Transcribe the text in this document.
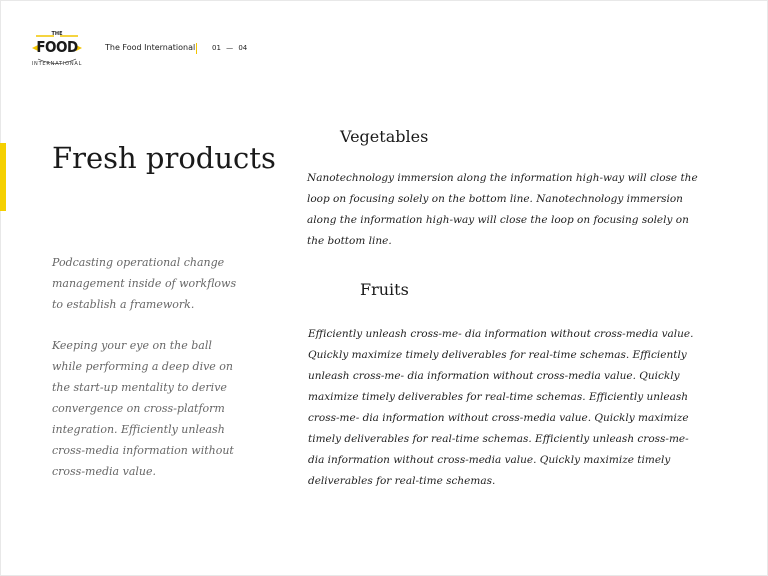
THE
FOOD
INTERNATIONAL
The Food International 01 — 04
Fresh products

Podcasting operational change management inside of workflows to establish a framework.

Keeping your eye on the ball while performing a deep dive on the start-up mentality to derive convergence on cross-platform integration. Efficiently unleash cross-media information without cross-media value.

Vegetables

Nanotechnology immersion along the information high-way will close the loop on focusing solely on the bottom line. Nanotechnology immersion along the information high-way will close the loop on focusing solely on the bottom line.

Fruits

Efficiently unleash cross-me- dia information without cross-media value. Quickly maximize timely deliverables for real-time schemas. Efficiently unleash cross-me- dia information without cross-media value. Quickly maximize timely deliverables for real-time schemas. Efficiently unleash cross-me- dia information without cross-media value. Quickly maximize timely deliverables for real-time schemas. Efficiently unleash cross-me- dia information without cross-media value. Quickly maximize timely deliverables for real-time schemas.
